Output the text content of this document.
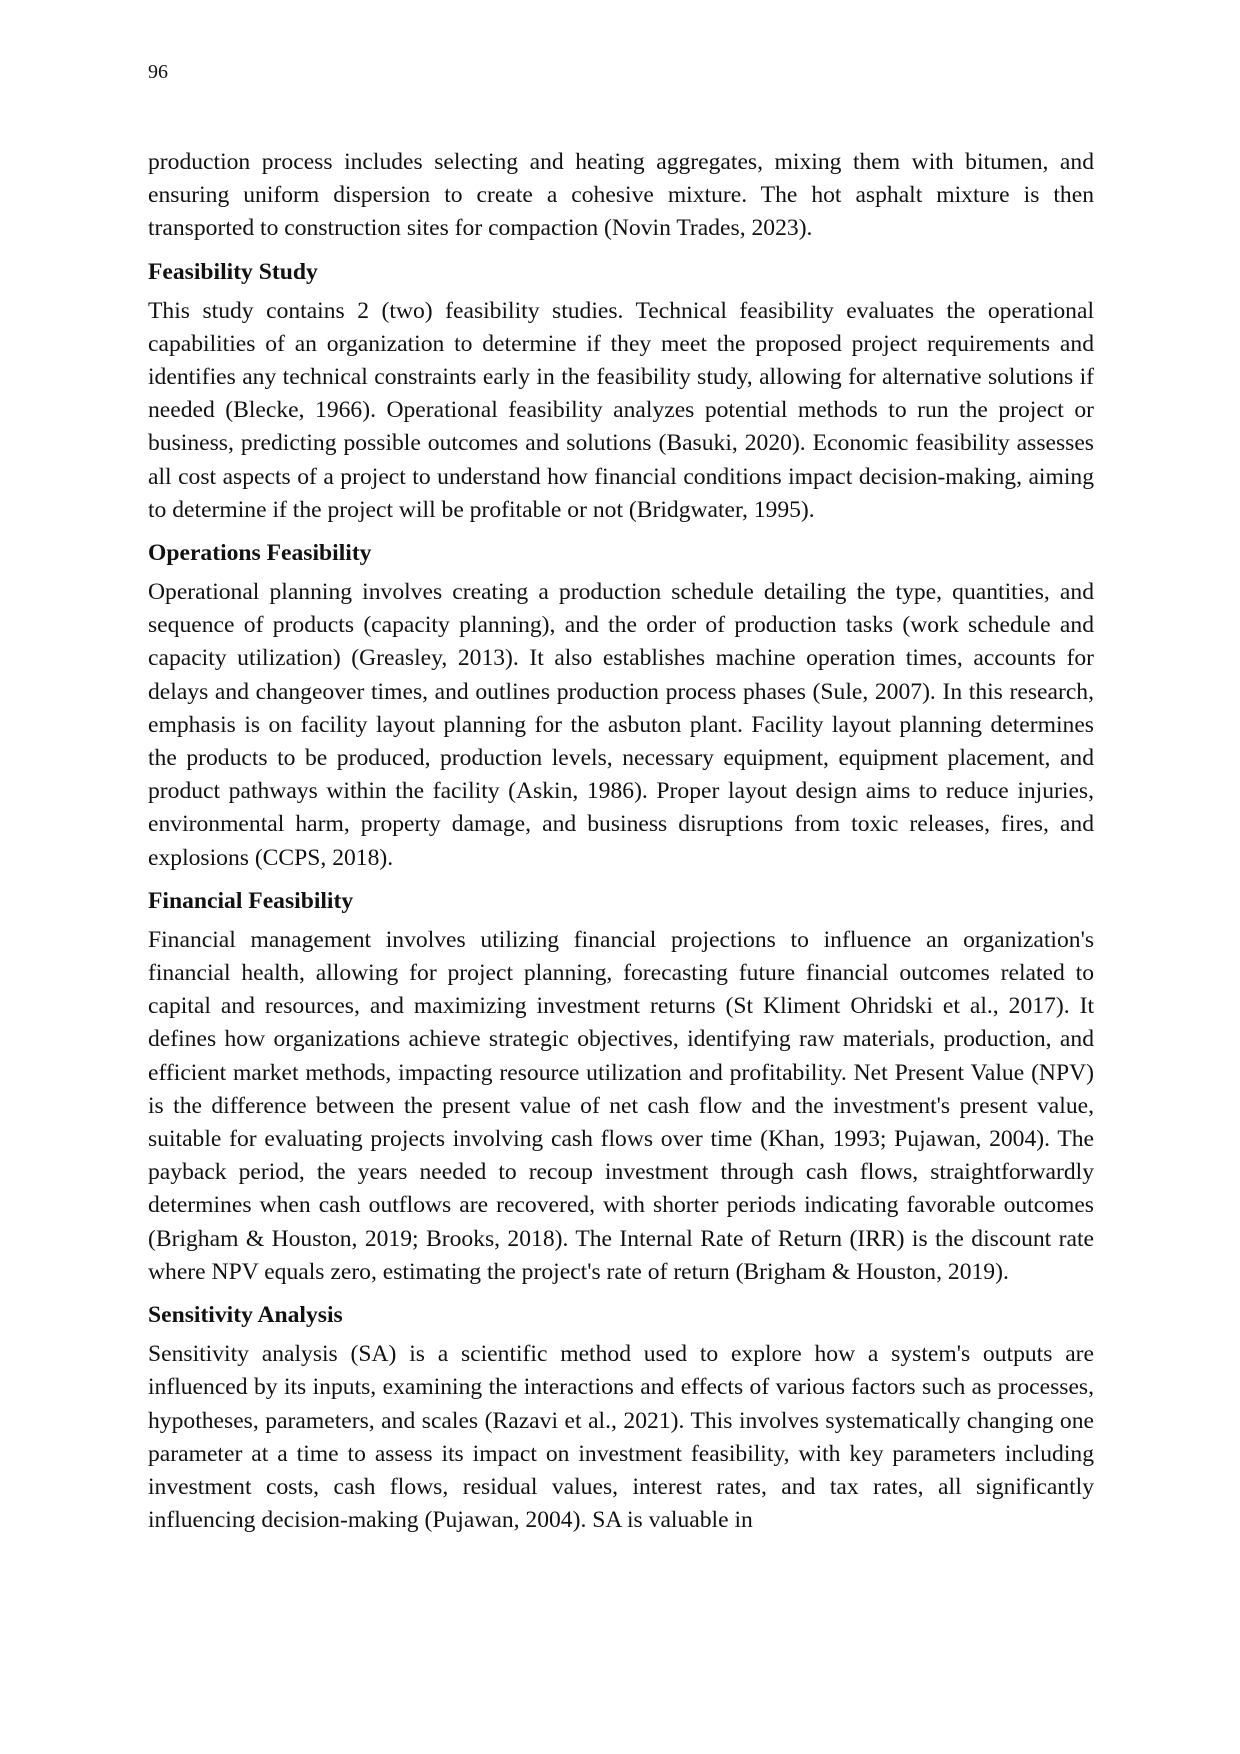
96

production process includes selecting and heating aggregates, mixing them with bitumen, and ensuring uniform dispersion to create a cohesive mixture. The hot asphalt mixture is then transported to construction sites for compaction (Novin Trades, 2023).

Feasibility Study

This study contains 2 (two) feasibility studies. Technical feasibility evaluates the operational capabilities of an organization to determine if they meet the proposed project requirements and identifies any technical constraints early in the feasibility study, allowing for alternative solutions if needed (Blecke, 1966). Operational feasibility analyzes potential methods to run the project or business, predicting possible outcomes and solutions (Basuki, 2020). Economic feasibility assesses all cost aspects of a project to understand how financial conditions impact decision-making, aiming to determine if the project will be profitable or not (Bridgwater, 1995).

Operations Feasibility

Operational planning involves creating a production schedule detailing the type, quantities, and sequence of products (capacity planning), and the order of production tasks (work schedule and capacity utilization) (Greasley, 2013). It also establishes machine operation times, accounts for delays and changeover times, and outlines production process phases (Sule, 2007). In this research, emphasis is on facility layout planning for the asbuton plant. Facility layout planning determines the products to be produced, production levels, necessary equipment, equipment placement, and product pathways within the facility (Askin, 1986). Proper layout design aims to reduce injuries, environmental harm, property damage, and business disruptions from toxic releases, fires, and explosions (CCPS, 2018).

Financial Feasibility

Financial management involves utilizing financial projections to influence an organization's financial health, allowing for project planning, forecasting future financial outcomes related to capital and resources, and maximizing investment returns (St Kliment Ohridski et al., 2017). It defines how organizations achieve strategic objectives, identifying raw materials, production, and efficient market methods, impacting resource utilization and profitability. Net Present Value (NPV) is the difference between the present value of net cash flow and the investment's present value, suitable for evaluating projects involving cash flows over time (Khan, 1993; Pujawan, 2004). The payback period, the years needed to recoup investment through cash flows, straightforwardly determines when cash outflows are recovered, with shorter periods indicating favorable outcomes (Brigham & Houston, 2019; Brooks, 2018). The Internal Rate of Return (IRR) is the discount rate where NPV equals zero, estimating the project's rate of return (Brigham & Houston, 2019).

Sensitivity Analysis

Sensitivity analysis (SA) is a scientific method used to explore how a system's outputs are influenced by its inputs, examining the interactions and effects of various factors such as processes, hypotheses, parameters, and scales (Razavi et al., 2021). This involves systematically changing one parameter at a time to assess its impact on investment feasibility, with key parameters including investment costs, cash flows, residual values, interest rates, and tax rates, all significantly influencing decision-making (Pujawan, 2004). SA is valuable in
